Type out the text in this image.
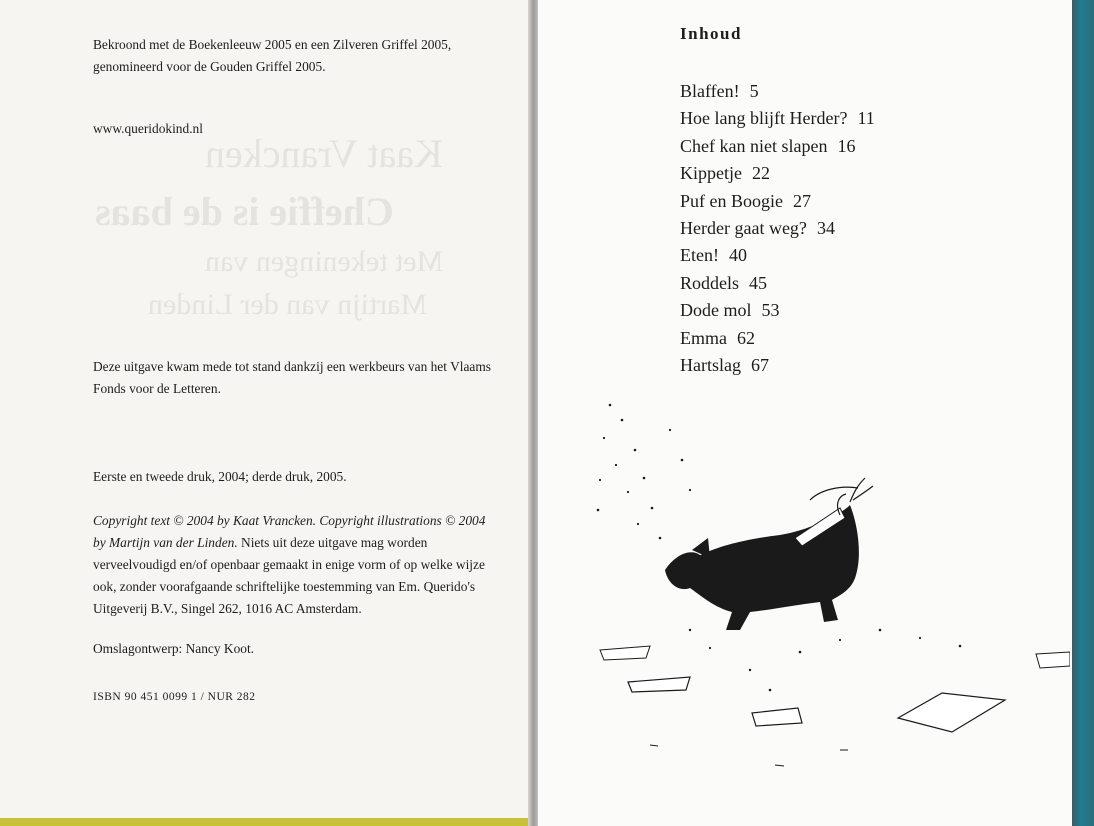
Kaat Vrancken
Cheffie is de baas
Met tekeningen van
Martijn van der Linden

Bekroond met de Boekenleeuw 2005 en een Zilveren Griffel 2005, genomineerd voor de Gouden Griffel 2005.

www.queridokind.nl

Deze uitgave kwam mede tot stand dankzij een werkbeurs van het Vlaams Fonds voor de Letteren.

Eerste en tweede druk, 2004; derde druk, 2005.

Copyright text © 2004 by Kaat Vrancken. Copyright illustrations © 2004 by Martijn van der Linden. Niets uit deze uitgave mag worden verveelvoudigd en/of openbaar gemaakt in enige vorm of op welke wijze ook, zonder voorafgaande schriftelijke toestemming van Em. Querido's Uitgeverij B.V., Singel 262, 1016 AC Amsterdam.

Omslagontwerp: Nancy Koot.

ISBN 90 451 0099 1 / NUR 282

Inhoud
Blaffen! 5
Hoe lang blijft Herder? 11
Chef kan niet slapen 16
Kippetje 22
Puf en Boogie 27
Herder gaat weg? 34
Eten! 40
Roddels 45
Dode mol 53
Emma 62
Hartslag 67
